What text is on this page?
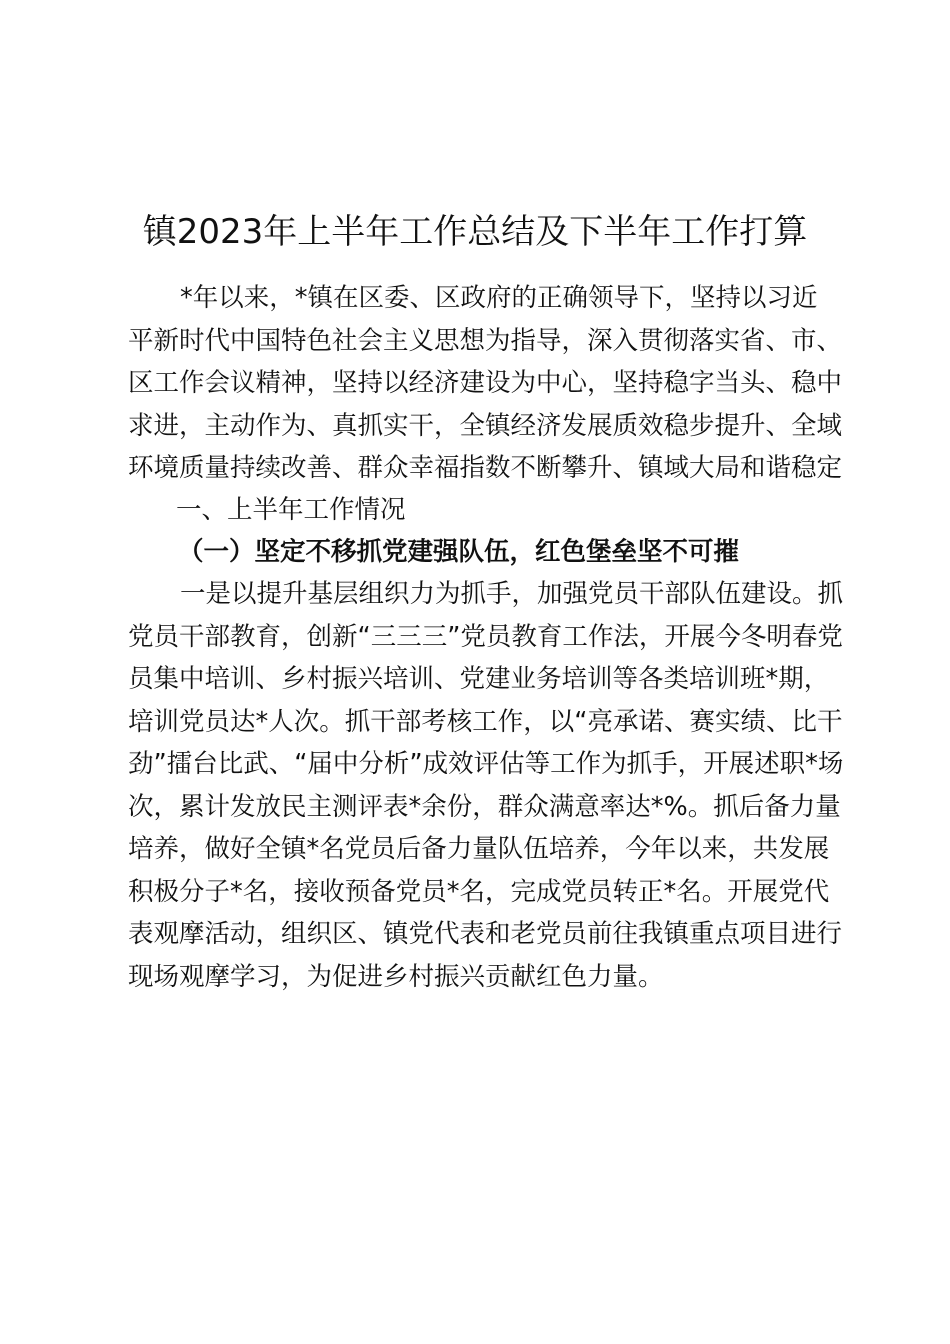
镇2023年上半年工作总结及下半年工作打算
*年以来，*镇在区委、区政府的正确领导下，坚持以习近
平新时代中国特色社会主义思想为指导，深入贯彻落实省、市、
区工作会议精神，坚持以经济建设为中心，坚持稳字当头、稳中
求进，主动作为、真抓实干，全镇经济发展质效稳步提升、全域
环境质量持续改善、群众幸福指数不断攀升、镇域大局和谐稳定
一、上半年工作情况
（一）坚定不移抓党建强队伍，红色堡垒坚不可摧
一是以提升基层组织力为抓手，加强党员干部队伍建设。抓
党员干部教育，创新“三三三”党员教育工作法，开展今冬明春党
员集中培训、乡村振兴培训、党建业务培训等各类培训班*期，
培训党员达*人次。抓干部考核工作，以“亮承诺、赛实绩、比干
劲”擂台比武、“届中分析”成效评估等工作为抓手，开展述职*场
次，累计发放民主测评表*余份，群众满意率达*%。抓后备力量
培养，做好全镇*名党员后备力量队伍培养，今年以来，共发展
积极分子*名，接收预备党员*名，完成党员转正*名。开展党代
表观摩活动，组织区、镇党代表和老党员前往我镇重点项目进行
现场观摩学习，为促进乡村振兴贡献红色力量。
